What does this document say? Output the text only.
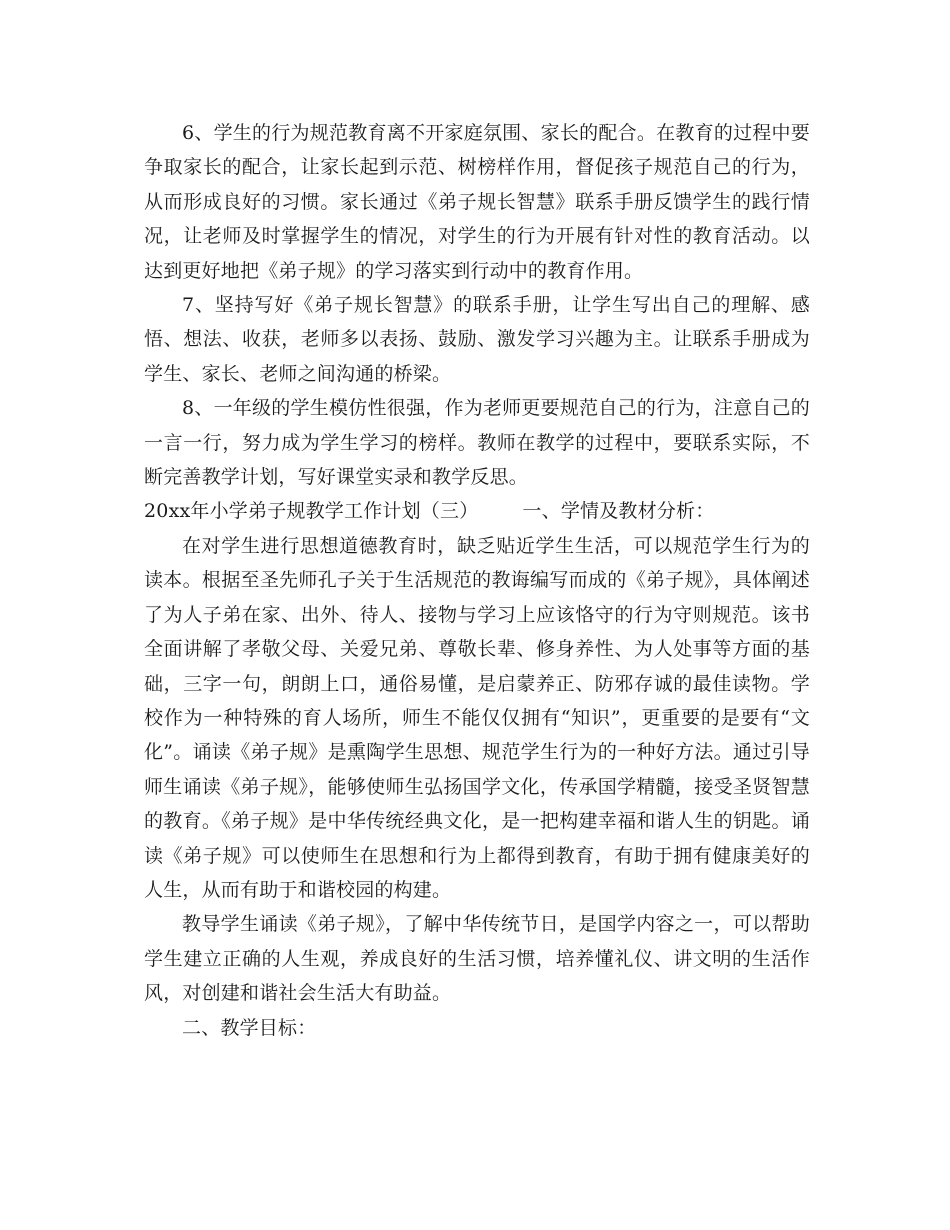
6、学生的行为规范教育离不开家庭氛围、家长的配合。在教育的过程中要争取家长的配合，让家长起到示范、树榜样作用，督促孩子规范自己的行为，从而形成良好的习惯。家长通过《弟子规长智慧》联系手册反馈学生的践行情况，让老师及时掌握学生的情况，对学生的行为开展有针对性的教育活动。以达到更好地把《弟子规》的学习落实到行动中的教育作用。

7、坚持写好《弟子规长智慧》的联系手册，让学生写出自己的理解、感悟、想法、收获，老师多以表扬、鼓励、激发学习兴趣为主。让联系手册成为学生、家长、老师之间沟通的桥梁。

8、一年级的学生模仿性很强，作为老师更要规范自己的行为，注意自己的一言一行，努力成为学生学习的榜样。教师在教学的过程中，要联系实际，不断完善教学计划，写好课堂实录和教学反思。

20xx年小学弟子规教学工作计划（三） 一、学情及教材分析：

在对学生进行思想道德教育时，缺乏贴近学生生活，可以规范学生行为的读本。根据至圣先师孔子关于生活规范的教诲编写而成的《弟子规》，具体阐述了为人子弟在家、出外、待人、接物与学习上应该恪守的行为守则规范。该书全面讲解了孝敬父母、关爱兄弟、尊敬长辈、修身养性、为人处事等方面的基础，三字一句，朗朗上口，通俗易懂，是启蒙养正、防邪存诚的最佳读物。学校作为一种特殊的育人场所，师生不能仅仅拥有“知识”，更重要的是要有“文化”。诵读《弟子规》是熏陶学生思想、规范学生行为的一种好方法。通过引导师生诵读《弟子规》，能够使师生弘扬国学文化，传承国学精髓，接受圣贤智慧的教育。《弟子规》是中华传统经典文化，是一把构建幸福和谐人生的钥匙。诵读《弟子规》可以使师生在思想和行为上都得到教育，有助于拥有健康美好的人生，从而有助于和谐校园的构建。

教导学生诵读《弟子规》，了解中华传统节日，是国学内容之一，可以帮助学生建立正确的人生观，养成良好的生活习惯，培养懂礼仪、讲文明的生活作风，对创建和谐社会生活大有助益。

二、教学目标：
